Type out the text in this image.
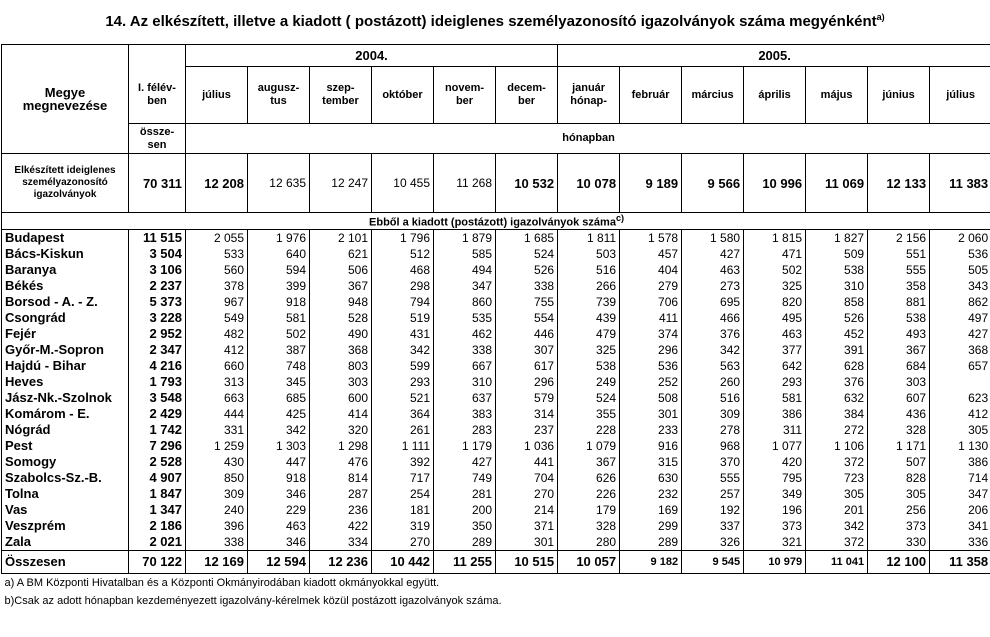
14. Az elkészített, illetve a kiadott ( postázott) ideiglenes személyazonosító igazolványok száma megyénként$^{a)}$
Megye megnevezése		2004.						2005.						
	I. félév-ben	július	augusz-tus	szep-tember	október	novem-ber	decem-ber	január hónap-	február	március	április	május	június	július
	össze-sen	hónapban												
Elkészített ideiglenes személyazonosító igazolványok	70 311	12 208	12 635	12 247	10 455	11 268	10 532	10 078	9 189	9 566	10 996	11 069	12 133	11 383
Ebből a kiadott (postázott) igazolványok száma$^{c)}$
Budapest	11 515	2 055	1 976	2 101	1 796	1 879	1 685	1 811	1 578	1 580	1 815	1 827	2 156	2 060
Bács-Kiskun	3 504	533	640	621	512	585	524	503	457	427	471	509	551	536
Baranya	3 106	560	594	506	468	494	526	516	404	463	502	538	555	505
Békés	2 237	378	399	367	298	347	338	266	279	273	325	310	358	343
Borsod - A. - Z.	5 373	967	918	948	794	860	755	739	706	695	820	858	881	862
Csongrád	3 228	549	581	528	519	535	554	439	411	466	495	526	538	497
Fejér	2 952	482	502	490	431	462	446	479	374	376	463	452	493	427
Győr-M.-Sopron	2 347	412	387	368	342	338	307	325	296	342	377	391	367	368
Hajdú - Bihar	4 216	660	748	803	599	667	617	538	536	563	642	628	684	657
Heves	1 793	313	345	303	293	310	296	249	252	260	293	376	303	
Jász-Nk.-Szolnok	3 548	663	685	600	521	637	579	524	508	516	581	632	607	623
Komárom - E.	2 429	444	425	414	364	383	314	355	301	309	386	384	436	412
Nógrád	1 742	331	342	320	261	283	237	228	233	278	311	272	328	305
Pest	7 296	1 259	1 303	1 298	1 111	1 179	1 036	1 079	916	968	1 077	1 106	1 171	1 130
Somogy	2 528	430	447	476	392	427	441	367	315	370	420	372	507	386
Szabolcs-Sz.-B.	4 907	850	918	814	717	749	704	626	630	555	795	723	828	714
Tolna	1 847	309	346	287	254	281	270	226	232	257	349	305	305	347
Vas	1 347	240	229	236	181	200	214	179	169	192	196	201	256	206
Veszprém	2 186	396	463	422	319	350	371	328	299	337	373	342	373	341
Zala	2 021	338	346	334	270	289	301	280	289	326	321	372	330	336
Összesen	70 122	12 169	12 594	12 236	10 442	11 255	10 515	10 057	9 182	9 545	10 979	11 041	12 100	11 358
a) A BM Központi Hivatalban és a Központi Okmányirodában kiadott okmányokkal együtt.														
b)Csak az adott hónapban kezdeményezett igazolvány-kérelmek közül postázott igazolványok száma.														
